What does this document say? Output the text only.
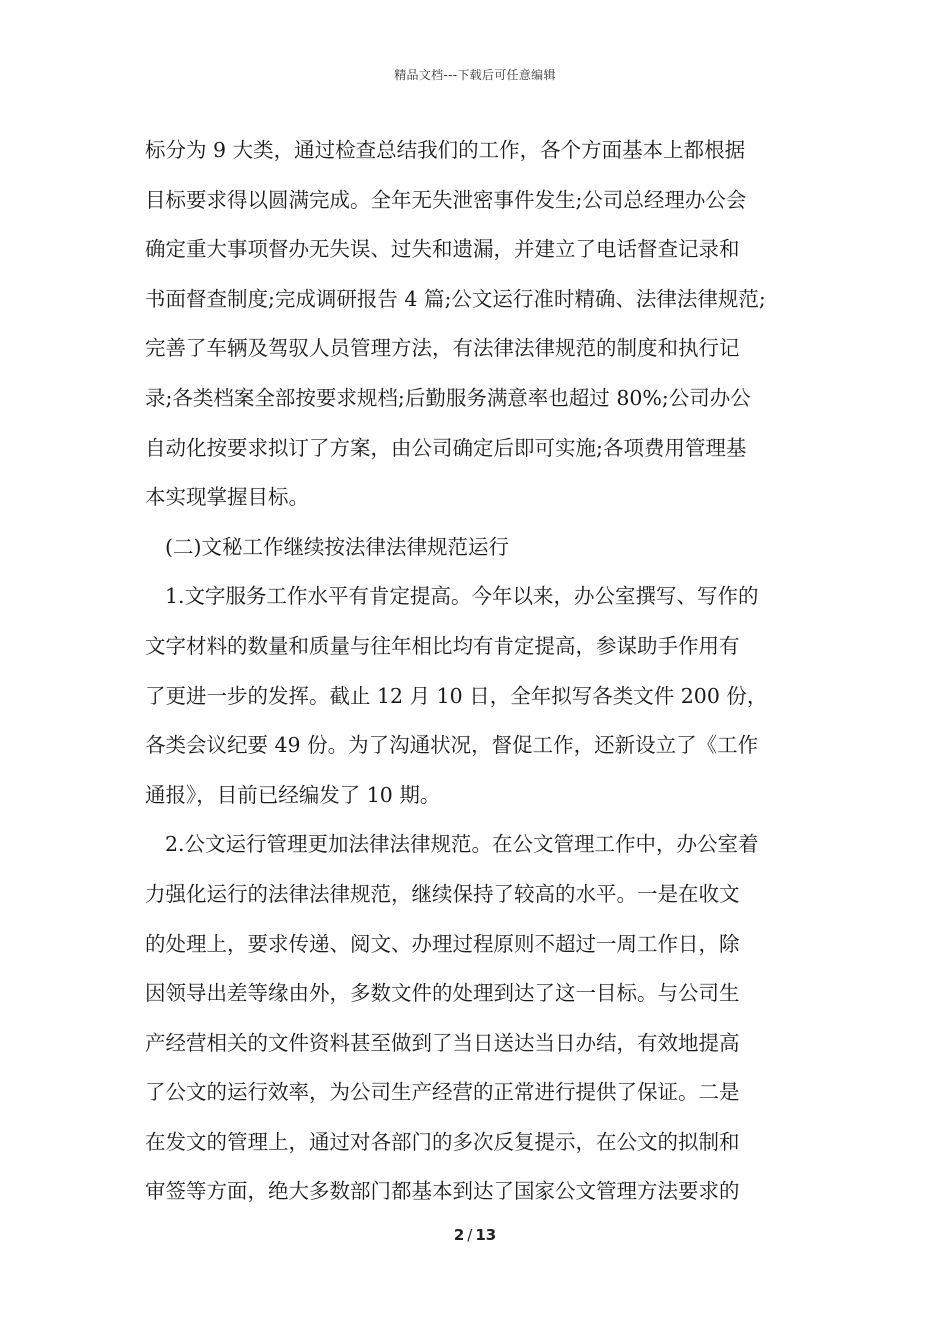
精品文档---下载后可任意编辑
标分为 9 大类，通过检查总结我们的工作，各个方面基本上都根据
目标要求得以圆满完成。全年无失泄密事件发生;公司总经理办公会
确定重大事项督办无失误、过失和遗漏，并建立了电话督查记录和
书面督查制度;完成调研报告 4 篇;公文运行准时精确、法律法律规范;
完善了车辆及驾驭人员管理方法，有法律法律规范的制度和执行记
录;各类档案全部按要求规档;后勤服务满意率也超过 80%;公司办公
自动化按要求拟订了方案，由公司确定后即可实施;各项费用管理基
本实现掌握目标。
(二)文秘工作继续按法律法律规范运行
1.文字服务工作水平有肯定提高。今年以来，办公室撰写、写作的
文字材料的数量和质量与往年相比均有肯定提高，参谋助手作用有
了更进一步的发挥。截止 12 月 10 日，全年拟写各类文件 200 份，
各类会议纪要 49 份。为了沟通状况，督促工作，还新设立了《工作
通报》，目前已经编发了 10 期。
2.公文运行管理更加法律法律规范。在公文管理工作中，办公室着
力强化运行的法律法律规范，继续保持了较高的水平。一是在收文
的处理上，要求传递、阅文、办理过程原则不超过一周工作日，除
因领导出差等缘由外，多数文件的处理到达了这一目标。与公司生
产经营相关的文件资料甚至做到了当日送达当日办结，有效地提高
了公文的运行效率，为公司生产经营的正常进行提供了保证。二是
在发文的管理上，通过对各部门的多次反复提示，在公文的拟制和
审签等方面，绝大多数部门都基本到达了国家公文管理方法要求的
2 / 13
